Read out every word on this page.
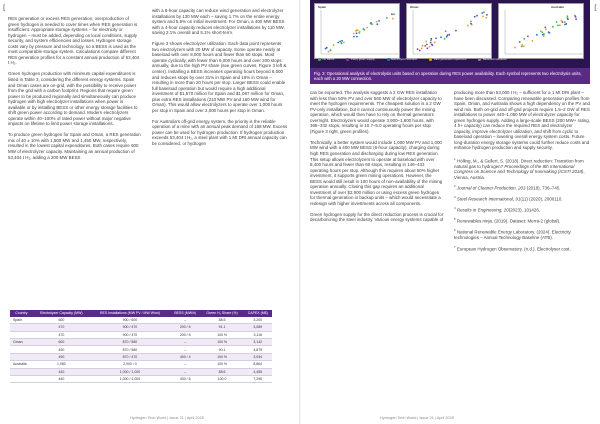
[

RES generation or excess RES generation, overproduction of green hydrogen is needed to cover times when RES generation is insufficient. Appropriate storage systems – for electricity or hydrogen – must be added, depending on local conditions, supply security, and system efficiencies and losses. Hydrogen storage costs vary by pressure and technology, so a BESS is used as the most comparable storage system. Calculations compare different RES generation profiles for a constant annual production of 53,404 t H₂.

Green hydrogen production with minimum capital expenditures is listed in Table 3, considering the different energy systems. Spain and Oman cases are on-grid, with the possibility to receive power from the grid with a carbon footprint. Regions that require green power to be produced regionally and simultaneously can produce hydrogen with high electrolyzer installations when power is available or by installing BESS or other energy storage facilities to shift green power according to demand. Modern electrolyzers operate within 40–100% of rated power without major negative impacts on lifetime to limit power storage installations.

To produce green hydrogen for Spain and Oman, a RES generation mix of 40 ± 10% with 1,500 MW and 1,450 MW, respectively, resulted in the lowest capital expenditures. Both cases require 600 MW of electrolyzer capacity. Maintaining an annual production of 53,404 t H₂, adding a 200 MW BESS

with a 6-hour capacity can reduce wind generation and electrolyzer installations by 130 MW each – saving 1.7% on the entire energy system and 5.9% on initial investment. For Oman, a 400 MW BESS with a 4-hour capacity reduces electrolyzer installations by 110 MW, saving 2.1% overall and 5.1% short-term.

Figure 3 shows electrolyzer utilization. Each data point represents two electrolyzers with 20 MW of capacity. Some operate nearly at baseload with over 8,000 hours and fewer than 50 stops. Most operate cyclically, with fewer than 6,000 hours and over 200 stops annually, due to the high PV share (see green curves, Figure 3 left & center). Installing a BESS increases operating hours beyond 6,000 and reduces stops by over 31% in Spain and 16% in Oman – resulting in more than 20 hours per stop. Larger BESS could enable full baseload operation but would require a high additional investment of $1,570 million for Spain and $1,087 million for Oman, plus extra RES installations (210 MW PV and 160 MW wind for Oman). This would allow electrolyzers to operate over 1,000 hours per stop in Spain and over 2,000 hours per stop in Oman.

For Australia's off-grid energy system, the priority is the reliable operation of a mine with an annual peak demand of 168 MW. Excess power can be used for hydrogen production. If hydrogen production exceeds 53,404 t H₂, a steel plant with 1 Mt DRI annual capacity can be considered, or hydrogen

Country	Electrolyzer Capacity (MW)	RES Installations (MW PV / MW Wind)	BESS (MW/h)	Green H₂ Share (%)	CAPEX (M$)
Spain	600	900 / 600	–	88.5	3,200
	470	900 / 470	200 / 6	91.1	3,089
	470	900 / 470	200 / 6	100 %	3,116
Oman	600	870 / 580	–	100 %	3,142
	490	870 / 580	–	90.1	4,875
	490	870 / 470	400 / 4	100 %	3,034
Australia	1,080	2,000 / 0	–	100 %	8,864
	440	1,000 / 1,000	–	88.6	4,455
	440	1,000 / 1,000	400 / 6	100.0	7,295
Hydrogen Tech World | Issue 21 | April 2025
[
Spain	Oman	Australia
No BESS	Partly green supply	Electrolyzer scenario	RES generation optimized	Baseload operation
Fig. 3: Operational analysis of electrolysis units based on operation during RES power availability. Each symbol represents two electrolysis units, each with a 20 MW connection.

can be exported. The analysis suggests a 2 GW RES installation with less than 50% PV and over 560 MW of electrolyzer capacity to meet the hydrogen requirements. The cheapest solution is a 2 GW PV-only installation, but it cannot continuously power the mining operation, which would then have to rely on thermal generators overnight. Electrolyzers would operate 3,900–1,600 hours, with 365–332 stops, resulting in 10.7–5.0 operating hours per stop (Figure 3 right, green profiles).

Technically, a better system would include 1,000 MW PV and 1,000 MW wind with a 400 MW BESS (6-hour capacity), charging during high RES generation and discharging during low RES generation. This setup allows electrolyzers to operate at baseload with over 8,400 hours and fewer than 60 stops, resulting in 146–433 operating hours per stop. Although this requires about 50% higher investment, it supports green mining operations. However, the BESS would still result in 100 hours of non-availability of the mining operation annually. Closing this gap requires an additional investment of over $2,900 million or using excess green hydrogen for thermal generation in backup units – which would necessitate a redesign with higher investments across all components.

Green hydrogen supply for the direct reduction process is crucial for decarbonizing the steel industry. Various energy systems capable of

producing more than 53,000 t H₂ – sufficient for a 1 Mt DRI plant – have been discussed. Comparing renewable generation profiles from Spain, Oman, and Australia shows a high dependency on the PV and wind mix. Both on-grid and off-grid projects require 1.5–2 GW of RES installations to power 440–1,050 MW of electrolyzer capacity for green hydrogen supply. Adding a large-scale BESS (200 MW+ rating, 4 h+ capacity) can reduce the required RES and electrolyzer capacity, improve electrolyzer utilization, and shift from cyclic to baseload operation – lowering overall energy system costs. Future long-duration energy storage systems could further reduce costs and enhance hydrogen production and supply security.

$^1$ Hölling, M., & Gellert, S. (2018). Direct reduction: Transition from natural gas to hydrogen? Proceedings of the 8th International Congress on Science and Technology of Ironmaking (ICSTI 2018), Vienna, Austria.

$^2$ Journal of Cleaner Production, 203 (2018), 736–745.

$^3$ Steel Research International, 91(11) (2020), 2000110.

$^4$ Results in Engineering, 20(2023), 101426.

$^5$ Renewables.ninja. (2019). Dataset: Merra-2 (global).

$^6$ National Renewable Energy Laboratory. (2024). Electricity technologies – Annual Technology Baseline (ATB).

$^7$ European Hydrogen Observatory. (n.d.). Electrolyser cost.

Hydrogen Tech World | Issue 21 | April 2025
